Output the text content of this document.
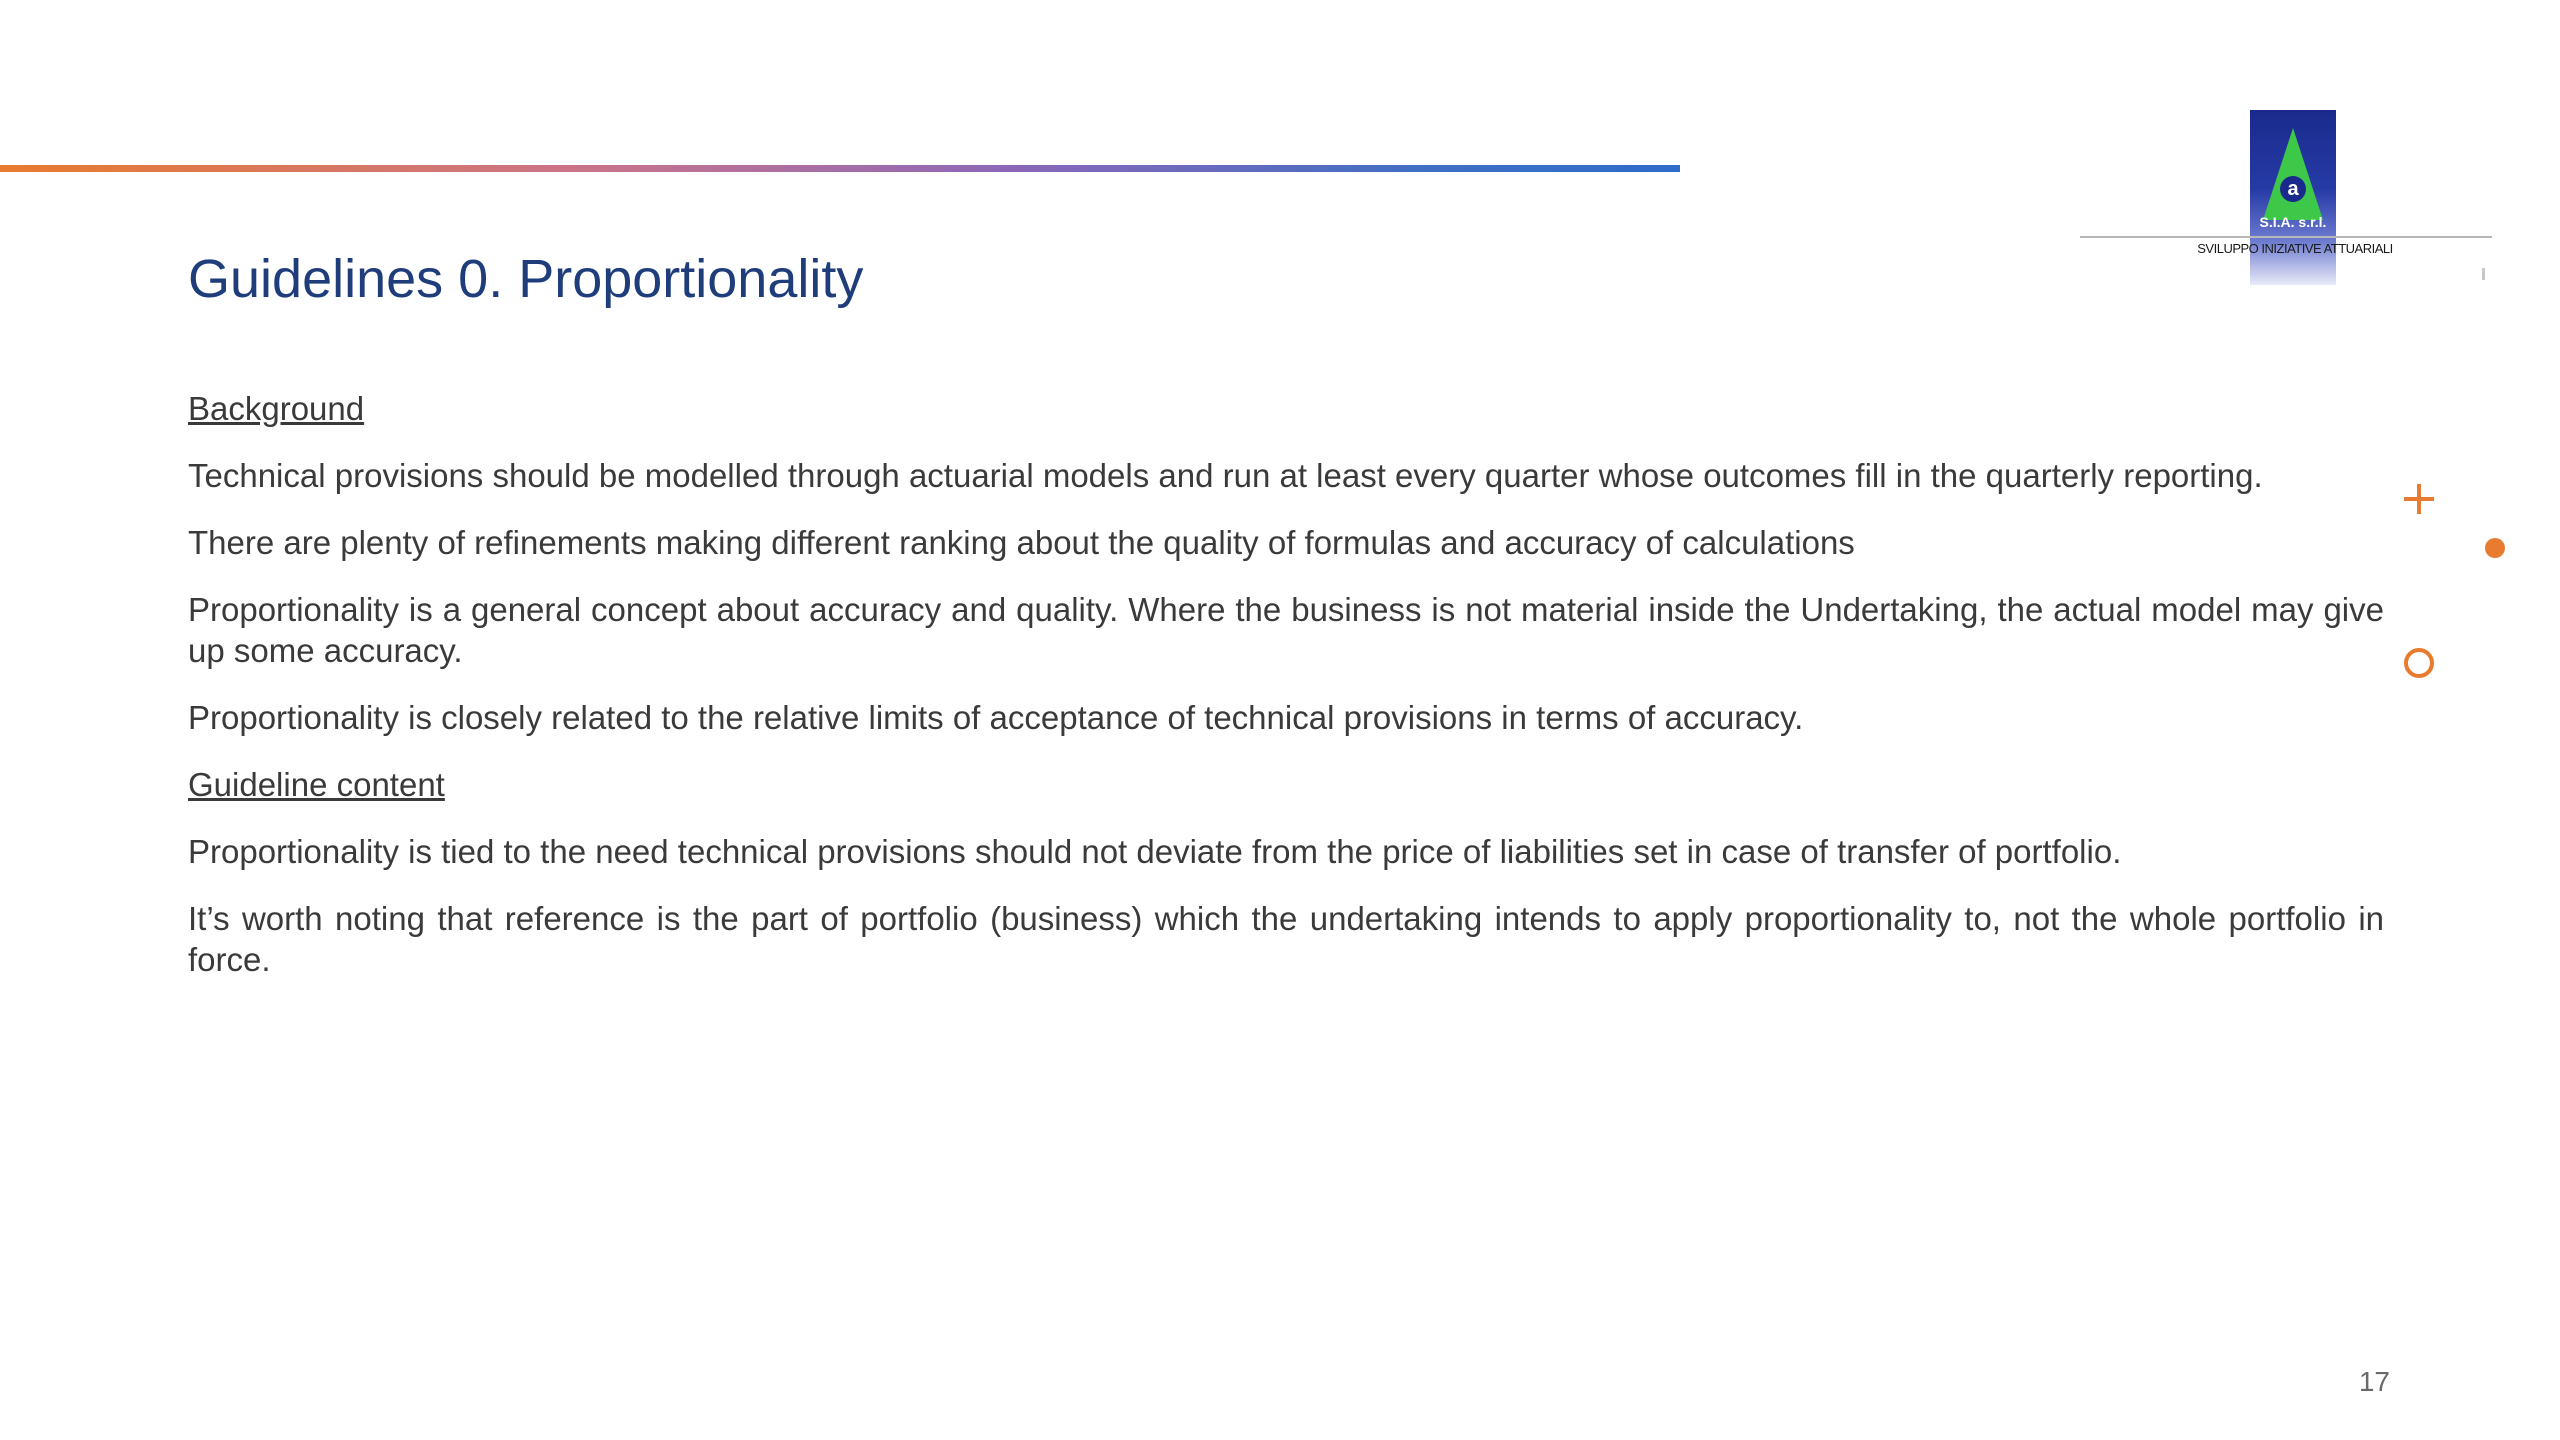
Guidelines 0. Proportionality
a
S.I.A. s.r.l.
SVILUPPO INIZIATIVE ATTUARIALI

Background

Technical provisions should be modelled through actuarial models and run at least every quarter whose outcomes fill in the quarterly reporting.

There are plenty of refinements making different ranking about the quality of formulas and accuracy of calculations

Proportionality is a general concept about accuracy and quality. Where the business is not material inside the Undertaking, the actual model may give up some accuracy.

Proportionality is closely related to the relative limits of acceptance of technical provisions in terms of accuracy.

Guideline content

Proportionality is tied to the need technical provisions should not deviate from the price of liabilities set in case of transfer of portfolio.

It’s worth noting that reference is the part of portfolio (business) which the undertaking intends to apply proportionality to, not the whole portfolio in force.

17
